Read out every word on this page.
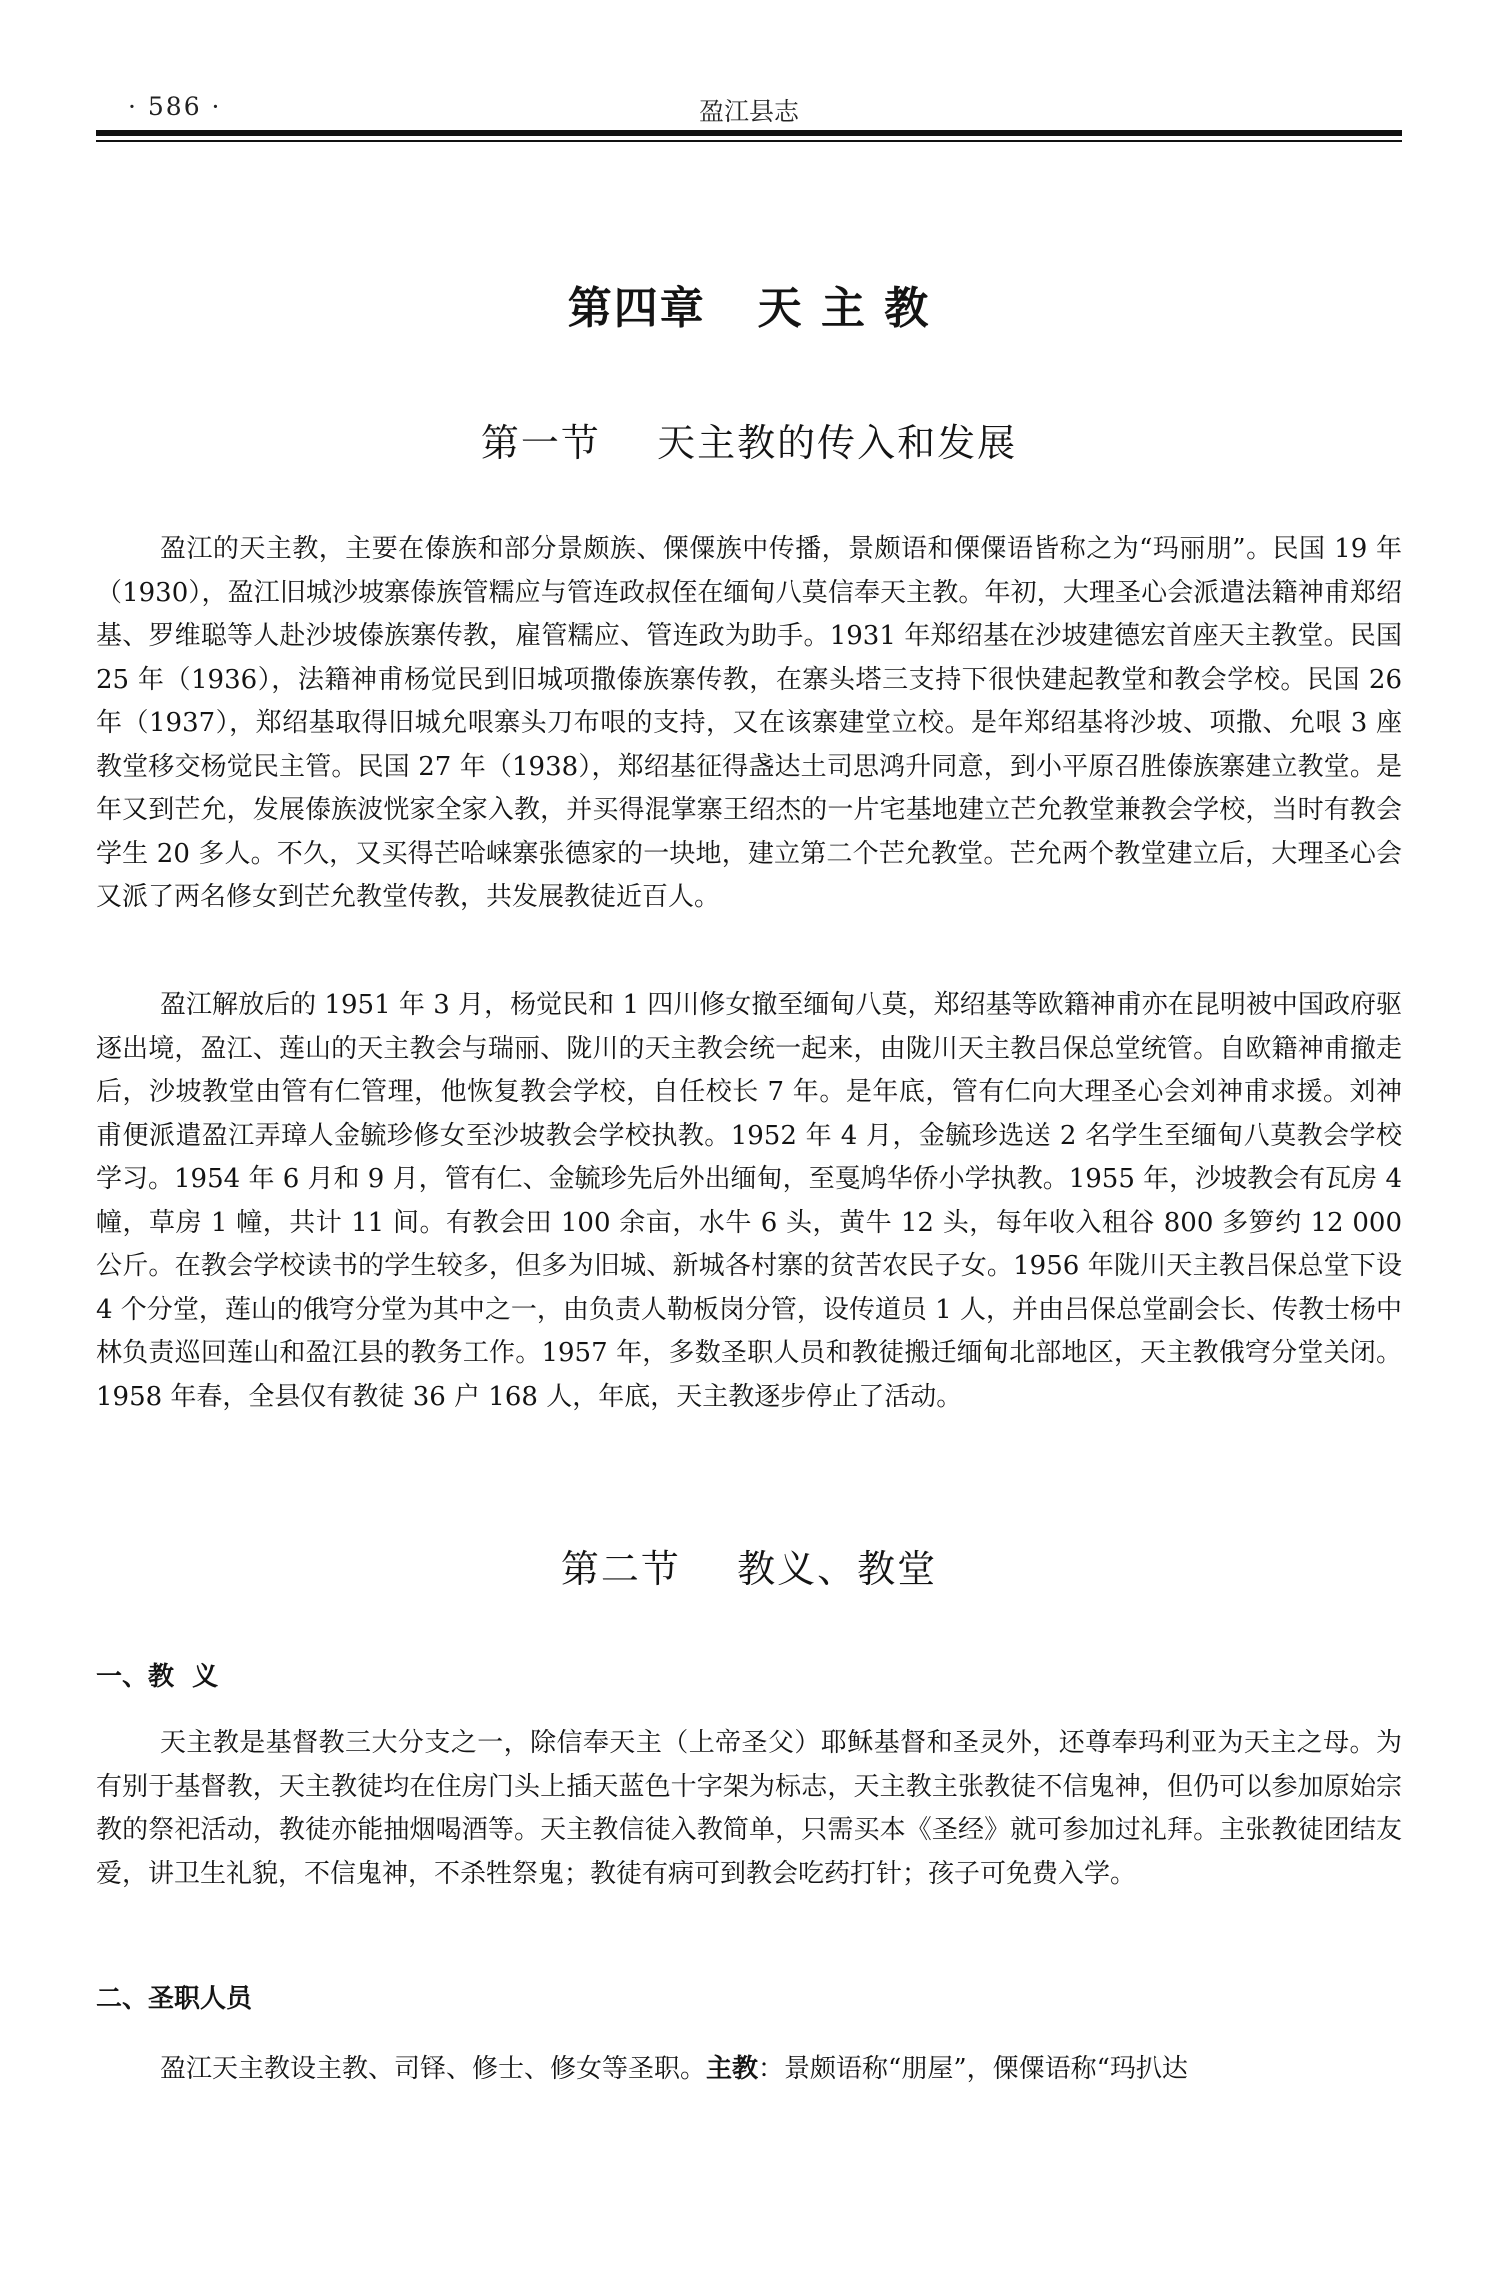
· 586 ·	盈江县志
第四章   天 主 教
第一节    天主教的传入和发展

盈江的天主教，主要在傣族和部分景颇族、傈僳族中传播，景颇语和傈僳语皆称之为“玛丽朋”。民国 19 年（1930），盈江旧城沙坡寨傣族管糯应与管连政叔侄在缅甸八莫信奉天主教。年初，大理圣心会派遣法籍神甫郑绍基、罗维聪等人赴沙坡傣族寨传教，雇管糯应、管连政为助手。1931 年郑绍基在沙坡建德宏首座天主教堂。民国 25 年（1936），法籍神甫杨觉民到旧城项撒傣族寨传教，在寨头塔三支持下很快建起教堂和教会学校。民国 26 年（1937），郑绍基取得旧城允哏寨头刀布哏的支持，又在该寨建堂立校。是年郑绍基将沙坡、项撒、允哏 3 座教堂移交杨觉民主管。民国 27 年（1938），郑绍基征得盏达土司思鸿升同意，到小平原召胜傣族寨建立教堂。是年又到芒允，发展傣族波恍家全家入教，并买得混掌寨王绍杰的一片宅基地建立芒允教堂兼教会学校，当时有教会学生 20 多人。不久，又买得芒哈崃寨张德家的一块地，建立第二个芒允教堂。芒允两个教堂建立后，大理圣心会又派了两名修女到芒允教堂传教，共发展教徒近百人。

盈江解放后的 1951 年 3 月，杨觉民和 1 四川修女撤至缅甸八莫，郑绍基等欧籍神甫亦在昆明被中国政府驱逐出境，盈江、莲山的天主教会与瑞丽、陇川的天主教会统一起来，由陇川天主教吕保总堂统管。自欧籍神甫撤走后，沙坡教堂由管有仁管理，他恢复教会学校，自任校长 7 年。是年底，管有仁向大理圣心会刘神甫求援。刘神甫便派遣盈江弄璋人金毓珍修女至沙坡教会学校执教。1952 年 4 月，金毓珍选送 2 名学生至缅甸八莫教会学校学习。1954 年 6 月和 9 月，管有仁、金毓珍先后外出缅甸，至戛鸠华侨小学执教。1955 年，沙坡教会有瓦房 4 幢，草房 1 幢，共计 11 间。有教会田 100 余亩，水牛 6 头，黄牛 12 头，每年收入租谷 800 多箩约 12 000 公斤。在教会学校读书的学生较多，但多为旧城、新城各村寨的贫苦农民子女。1956 年陇川天主教吕保总堂下设 4 个分堂，莲山的俄穹分堂为其中之一，由负责人勒板岗分管，设传道员 1 人，并由吕保总堂副会长、传教士杨中林负责巡回莲山和盈江县的教务工作。1957 年，多数圣职人员和教徒搬迁缅甸北部地区，天主教俄穹分堂关闭。1958 年春，全县仅有教徒 36 户 168 人，年底，天主教逐步停止了活动。

第二节    教义、教堂
一、教  义

天主教是基督教三大分支之一，除信奉天主（上帝圣父）耶稣基督和圣灵外，还尊奉玛利亚为天主之母。为有别于基督教，天主教徒均在住房门头上插天蓝色十字架为标志，天主教主张教徒不信鬼神，但仍可以参加原始宗教的祭祀活动，教徒亦能抽烟喝酒等。天主教信徒入教简单，只需买本《圣经》就可参加过礼拜。主张教徒团结友爱，讲卫生礼貌，不信鬼神，不杀牲祭鬼；教徒有病可到教会吃药打针；孩子可免费入学。

二、圣职人员

盈江天主教设主教、司铎、修士、修女等圣职。主教：景颇语称“朋屋”，傈僳语称“玛扒达
